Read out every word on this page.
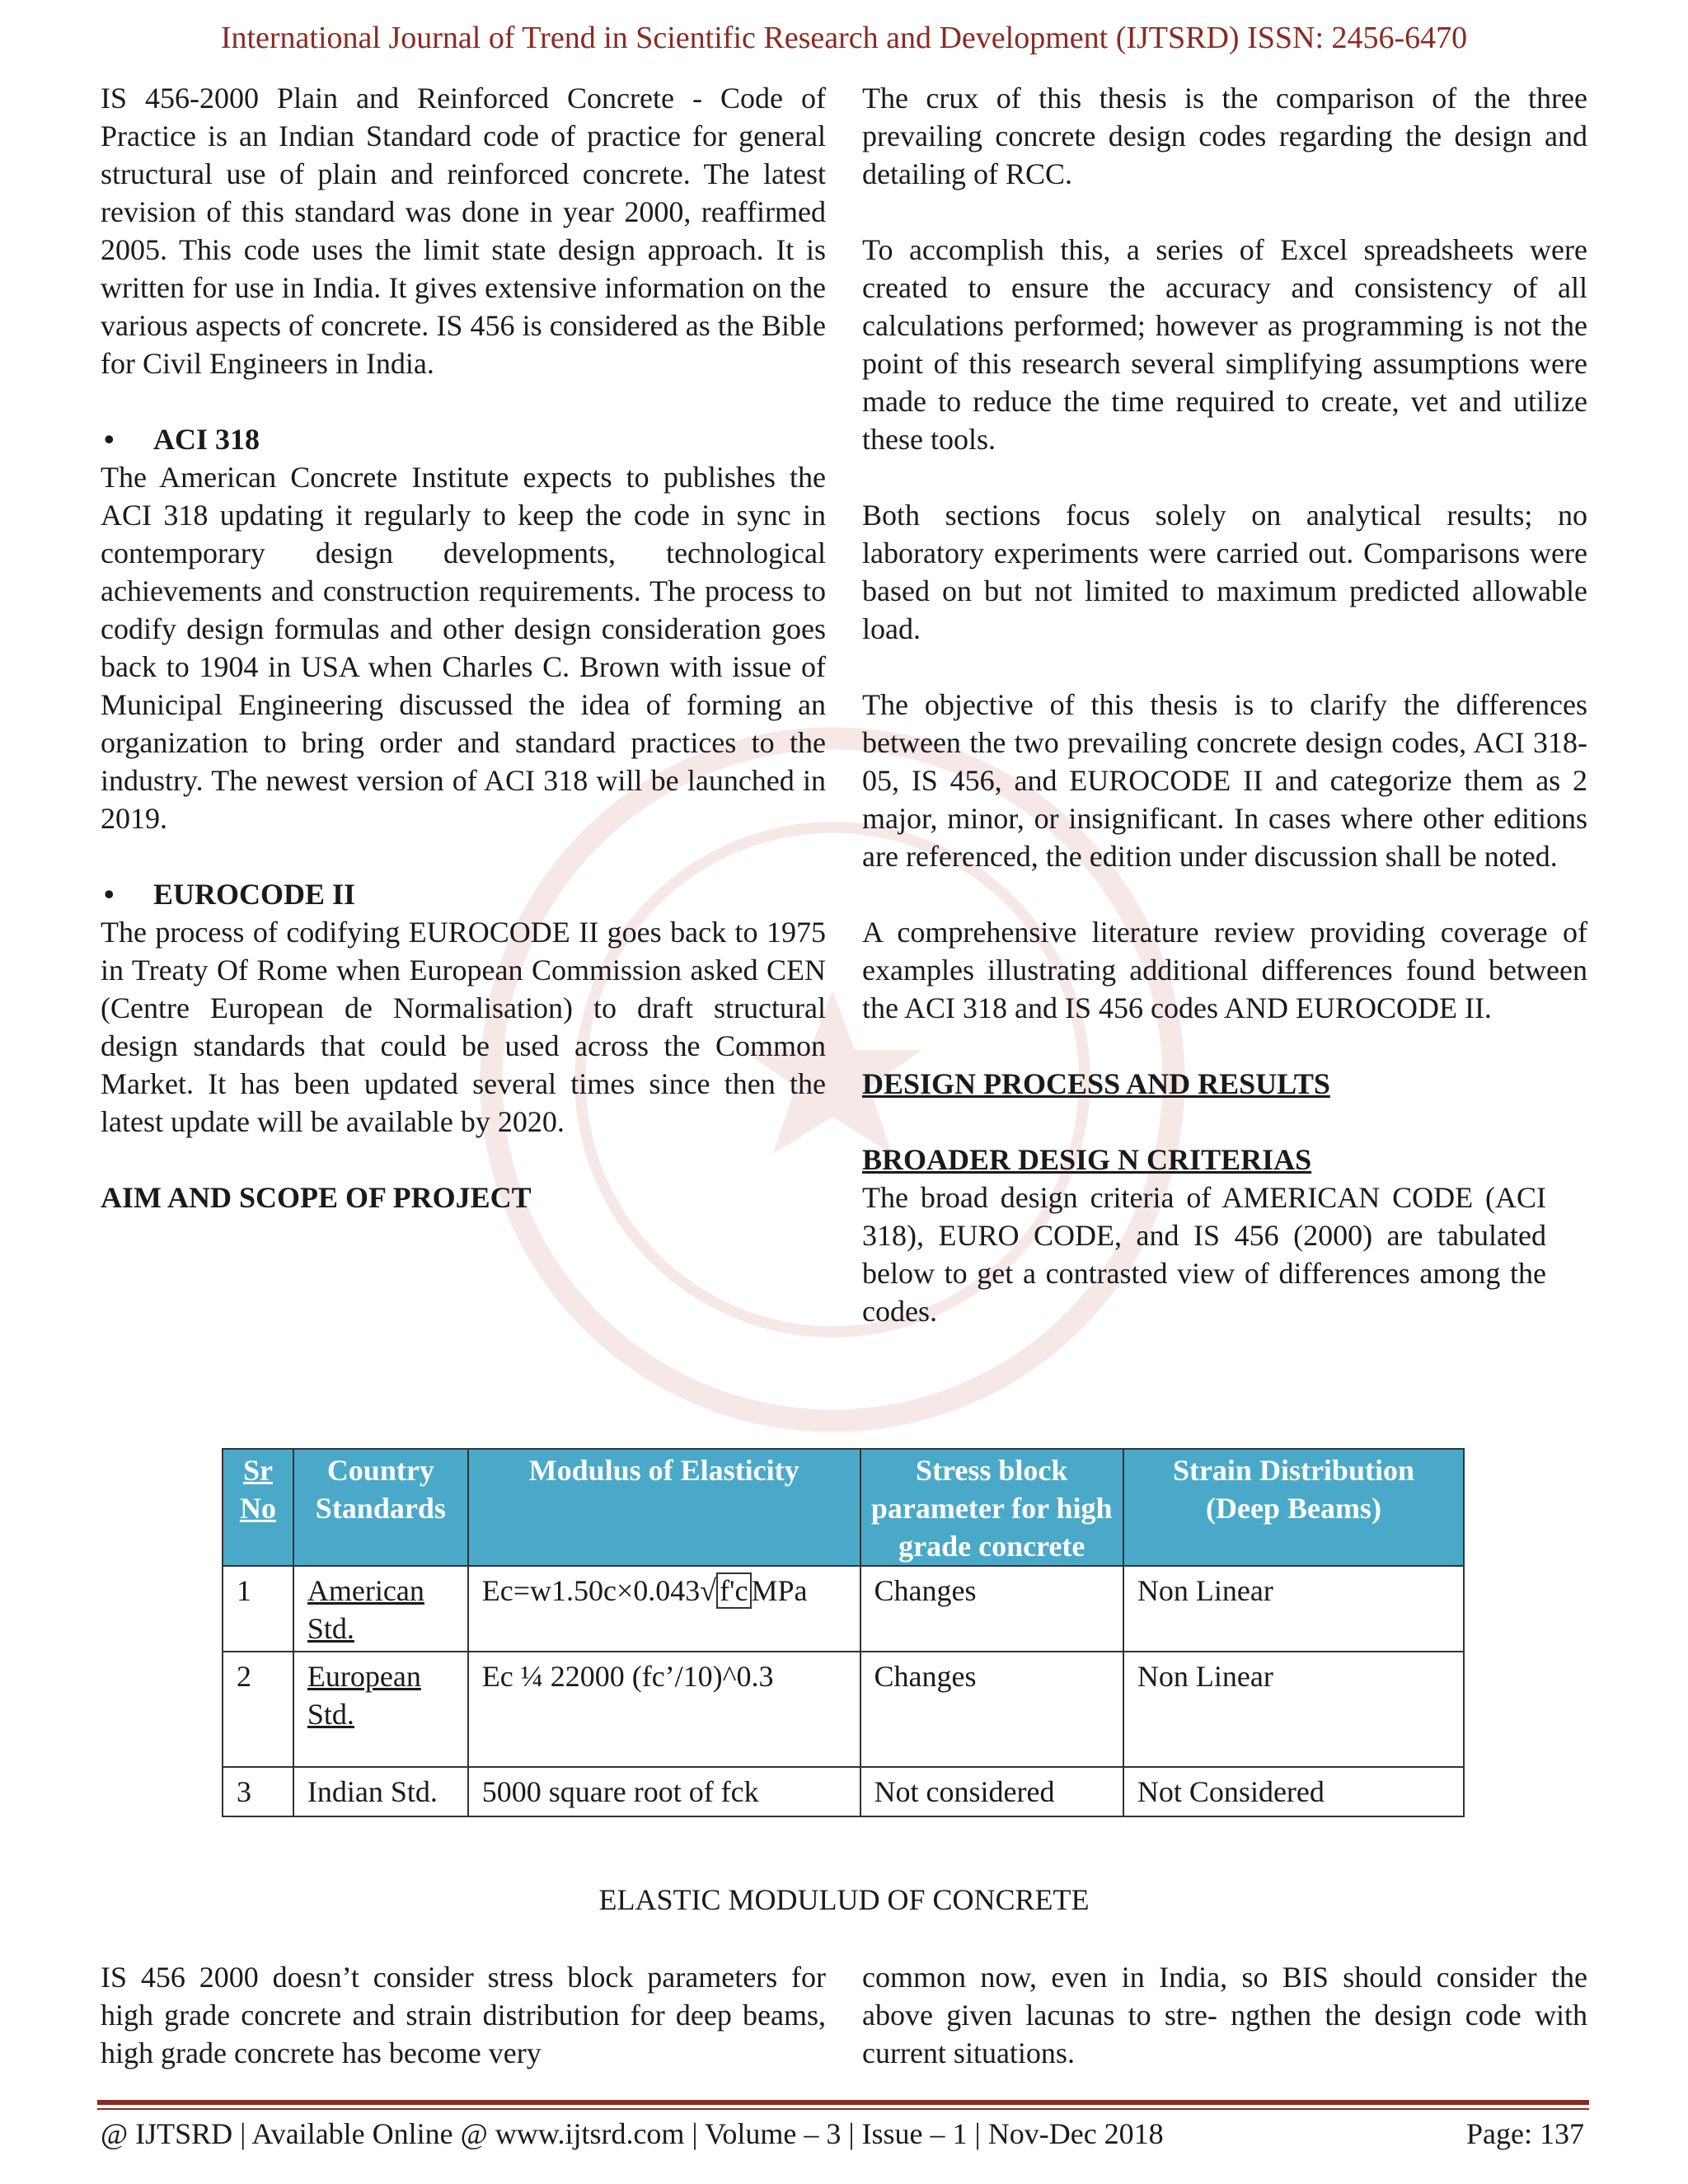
International Journal of Trend in Scientific Research and Development (IJTSRD) ISSN: 2456-6470

IS 456-2000 Plain and Reinforced Concrete - Code of Practice is an Indian Standard code of practice for general structural use of plain and reinforced concrete. The latest revision of this standard was done in year 2000, reaffirmed 2005. This code uses the limit state design approach. It is written for use in India. It gives extensive information on the various aspects of concrete. IS 456 is considered as the Bible for Civil Engineers in India.

• ACI 318

The American Concrete Institute expects to publishes the ACI 318 updating it regularly to keep the code in sync in contemporary design developments, technological achievements and construction requirements. The process to codify design formulas and other design consideration goes back to 1904 in USA when Charles C. Brown with issue of Municipal Engineering discussed the idea of forming an organization to bring order and standard practices to the industry. The newest version of ACI 318 will be launched in 2019.

• EUROCODE II

The process of codifying EUROCODE II goes back to 1975 in Treaty Of Rome when European Commission asked CEN (Centre European de Normalisation) to draft structural design standards that could be used across the Common Market. It has been updated several times since then the latest update will be available by 2020.

AIM AND SCOPE OF PROJECT

The crux of this thesis is the comparison of the three prevailing concrete design codes regarding the design and detailing of RCC.

To accomplish this, a series of Excel spreadsheets were created to ensure the accuracy and consistency of all calculations performed; however as programming is not the point of this research several simplifying assumptions were made to reduce the time required to create, vet and utilize these tools.

Both sections focus solely on analytical results; no laboratory experiments were carried out. Comparisons were based on but not limited to maximum predicted allowable load.

The objective of this thesis is to clarify the differences between the two prevailing concrete design codes, ACI 318-05, IS 456, and EUROCODE II and categorize them as 2 major, minor, or insignificant. In cases where other editions are referenced, the edition under discussion shall be noted.

A comprehensive literature review providing coverage of examples illustrating additional differences found between the ACI 318 and IS 456 codes AND EUROCODE II.

DESIGN PROCESS AND RESULTS

BROADER DESIG N CRITERIAS

The broad design criteria of AMERICAN CODE (ACI 318), EURO CODE, and IS 456 (2000) are tabulated below to get a contrasted view of differences among the codes.

Sr No	Country Standards	Modulus of Elasticity	Stress block parameter for high grade concrete	Strain Distribution (Deep Beams)
1	American Std.	Ec=w1.50c×0.043√ f'c MPa	Changes	Non Linear
2	European Std.	Ec ¼ 22000 (fc’/10)^0.3	Changes	Non Linear
3	Indian Std.	5000 square root of fck	Not considered	Not Considered
ELASTIC MODULUD OF CONCRETE

IS 456 2000 doesn’t consider stress block parameters for high grade concrete and strain distribution for deep beams, high grade concrete has become very

common now, even in India, so BIS should consider the above given lacunas to stre- ngthen the design code with current situations.

@ IJTSRD | Available Online @ www.ijtsrd.com | Volume – 3 | Issue – 1 | Nov-Dec 2018	Page: 137
